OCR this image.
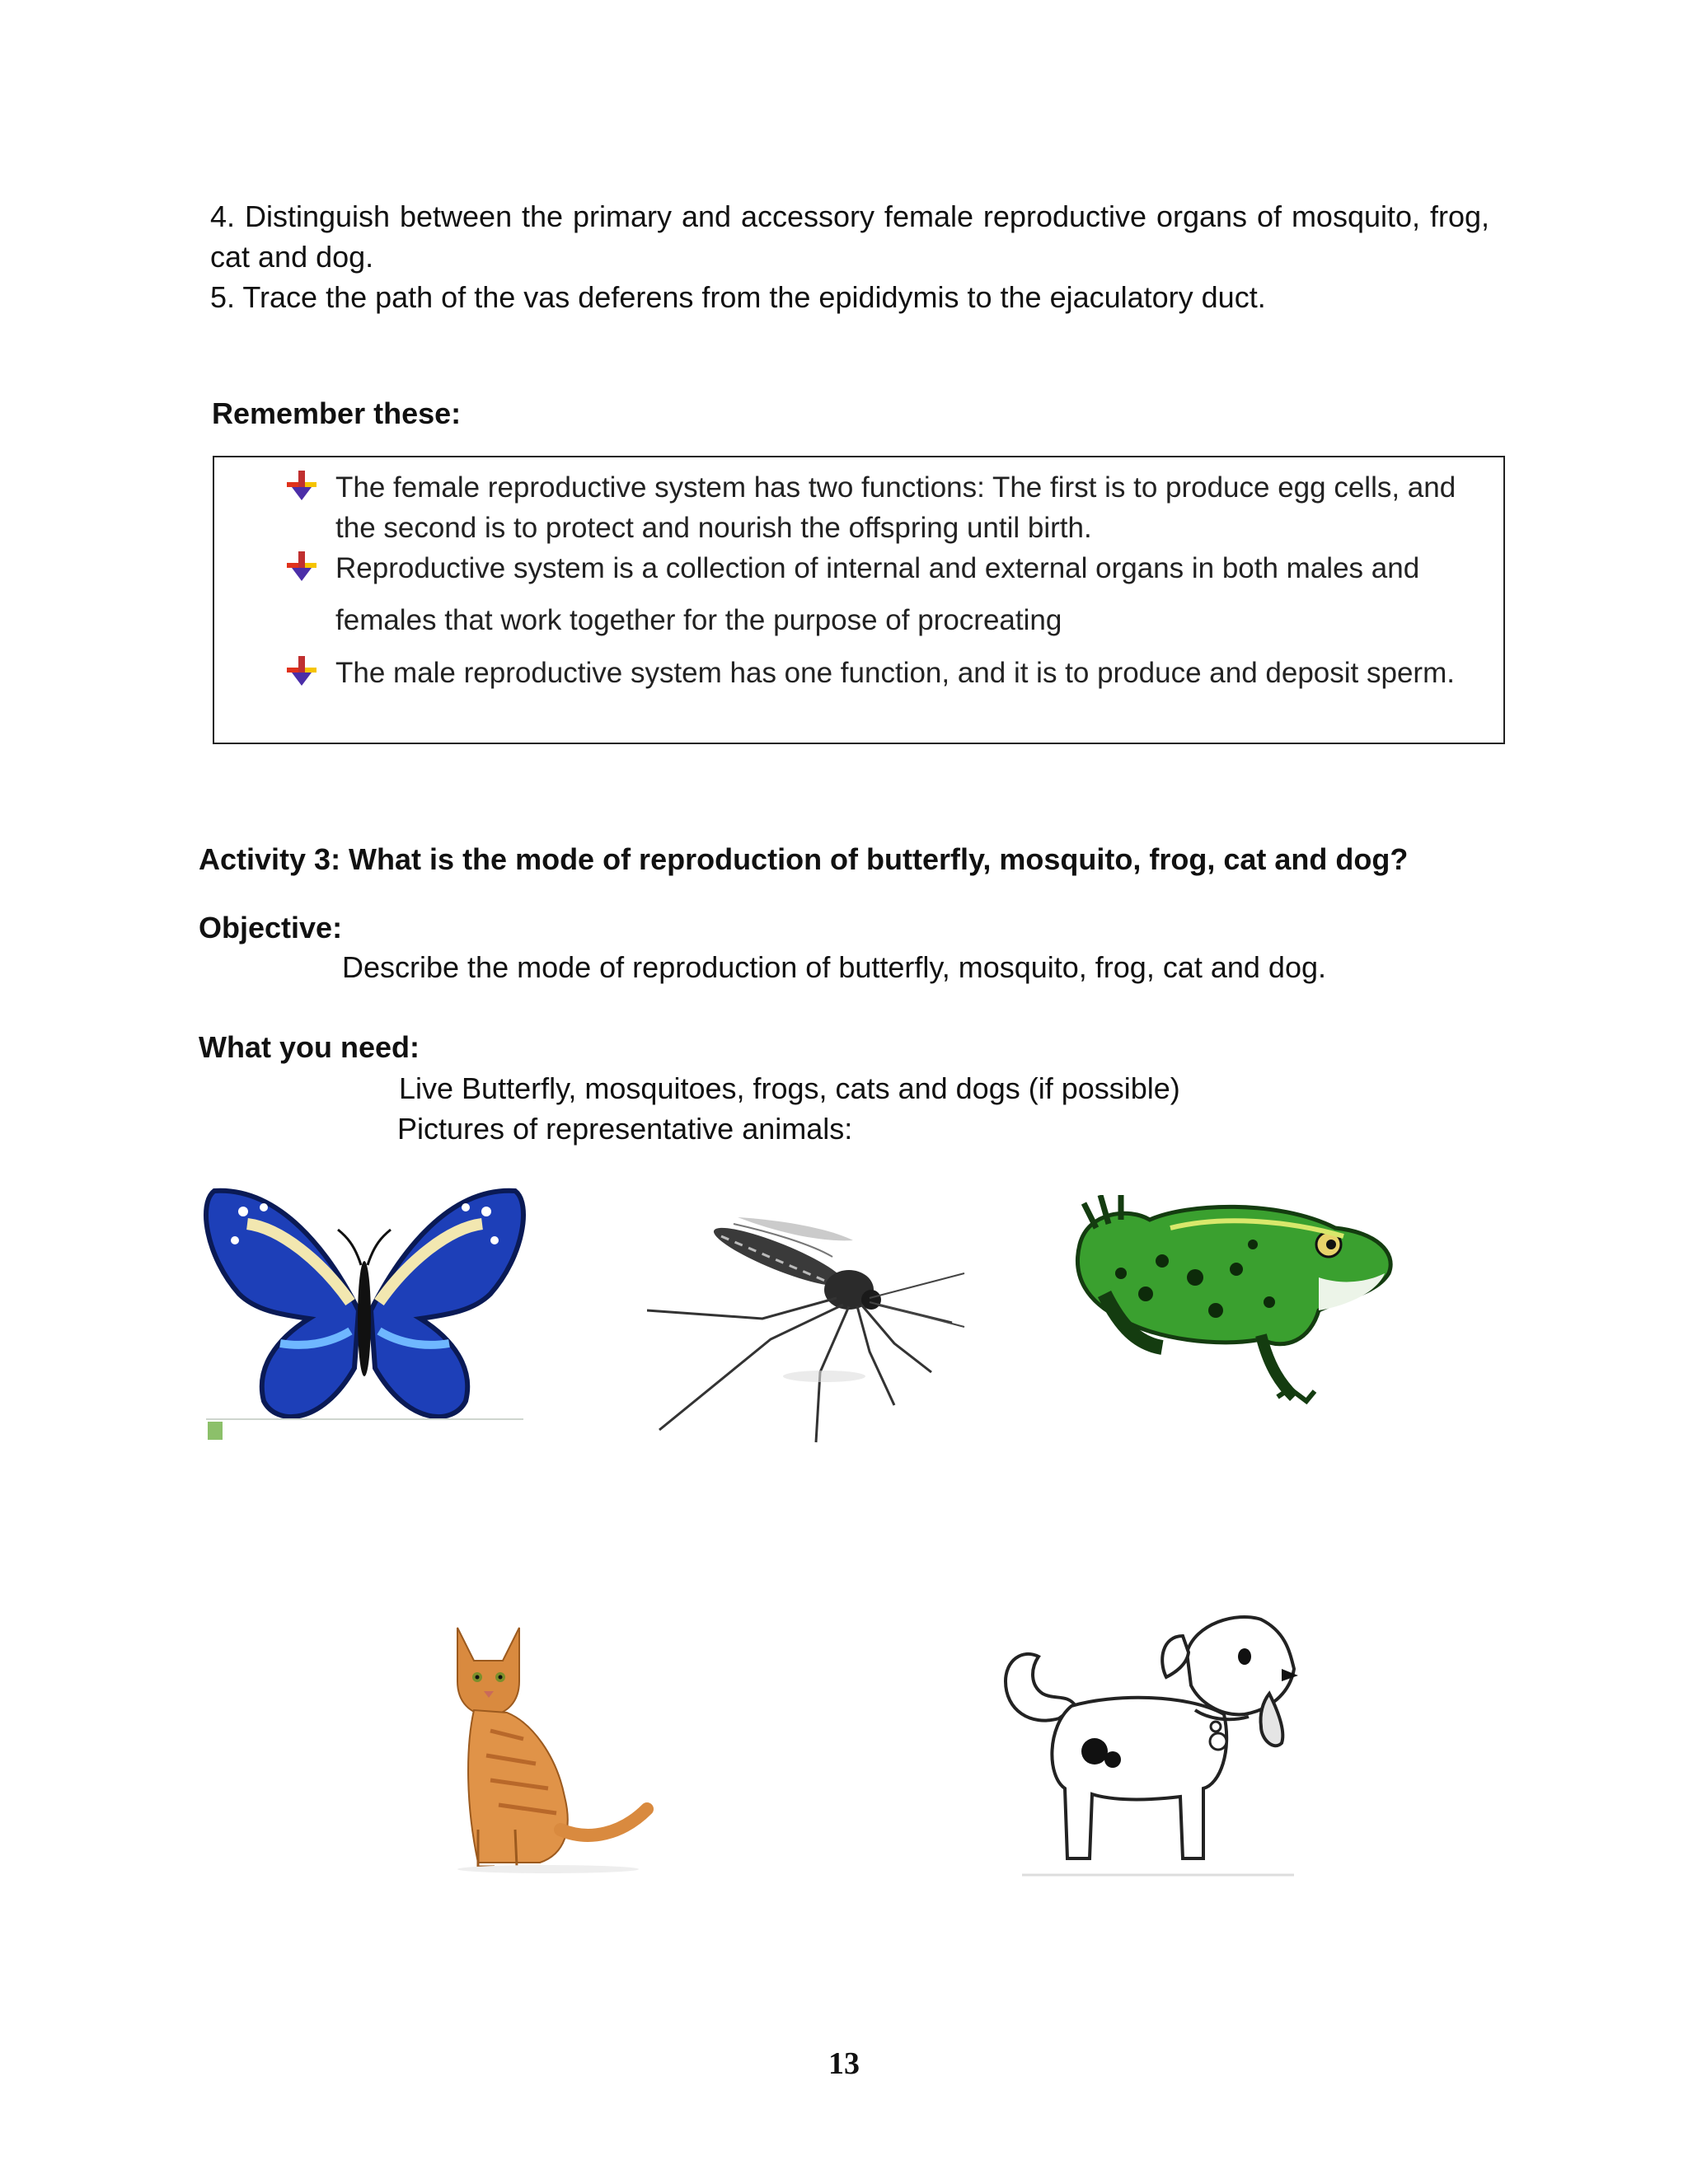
4. Distinguish between the primary and accessory female reproductive organs of mosquito, frog, cat and dog.
5. Trace the path of the vas deferens from the epididymis to the ejaculatory duct.
Remember these:
The female reproductive system has two functions: The first is to produce egg cells, and the second is to protect and nourish the offspring until birth.
Reproductive system is a collection of internal and external organs in both males and females that work together for the purpose of procreating
The male reproductive system has one function, and it is to produce and deposit sperm.
Activity 3: What is the mode of reproduction of butterfly, mosquito, frog, cat and dog?
Objective:
Describe the mode of reproduction of butterfly, mosquito, frog, cat and dog.
What you need:
Live Butterfly, mosquitoes, frogs, cats and dogs (if possible)
Pictures of representative animals:
13
